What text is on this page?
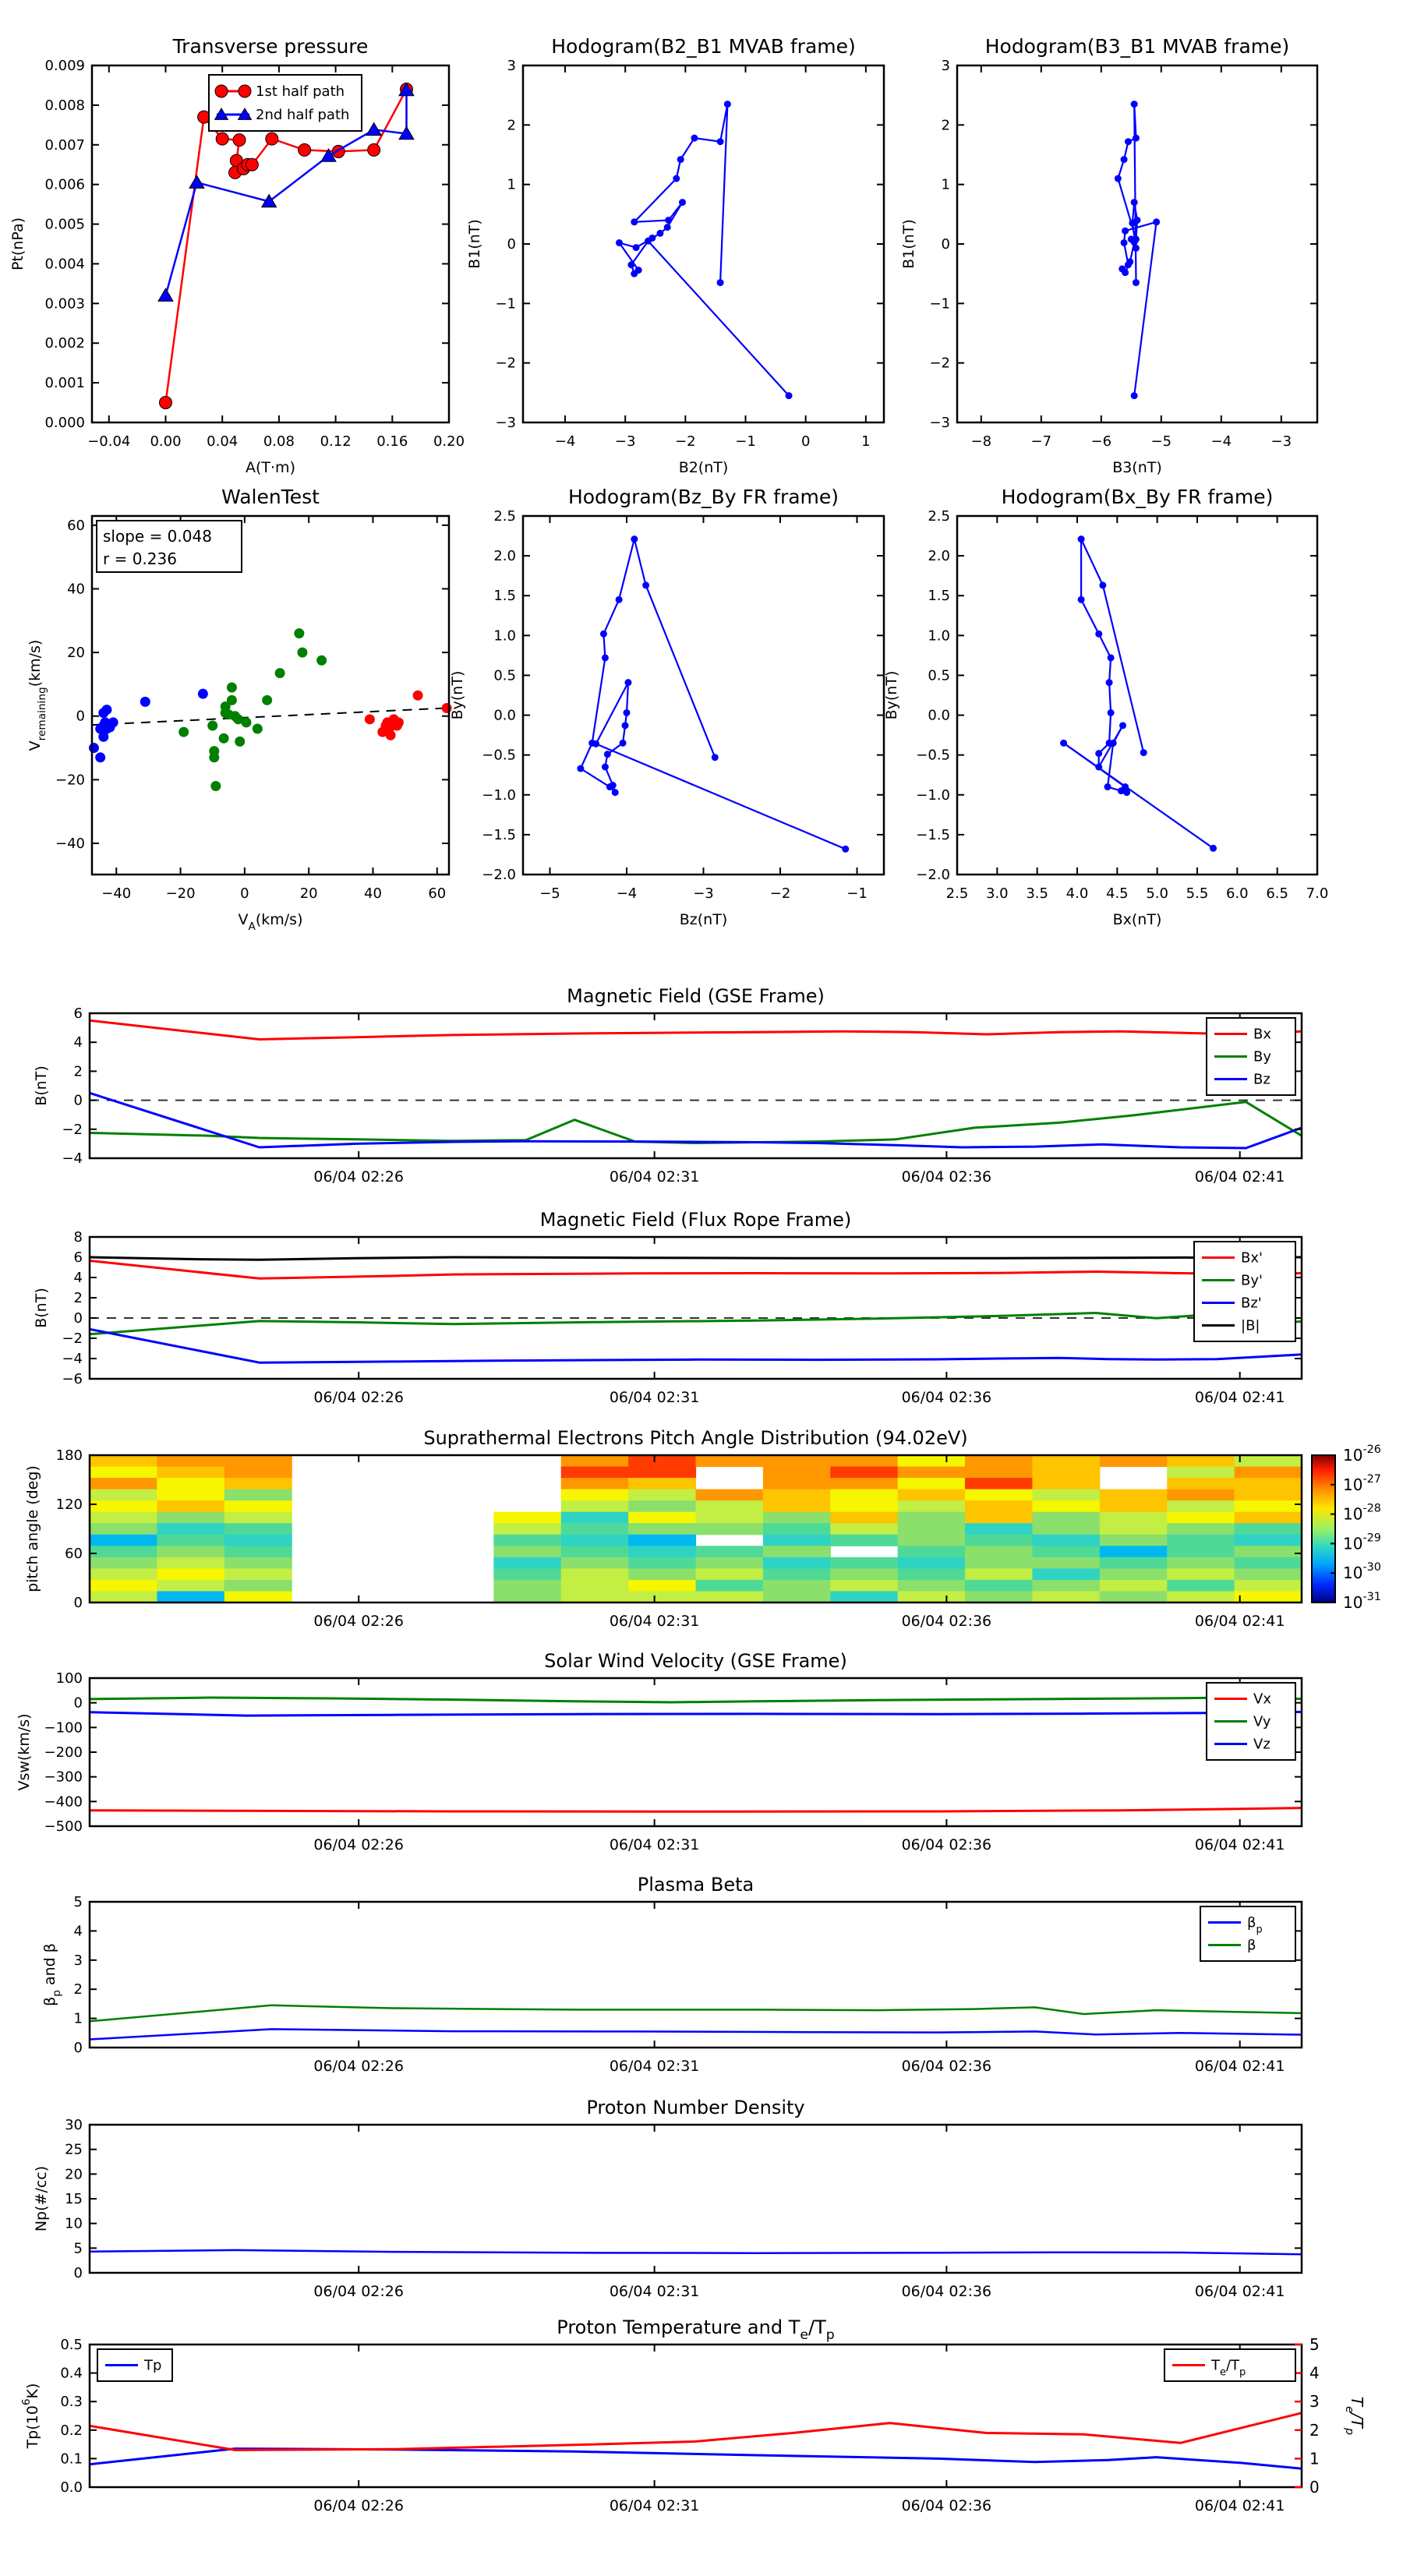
−0.04 0.00 0.04 0.08 0.12 0.16 0.20
0.000
0.001
0.002
0.003
0.004
0.005
0.006
0.007
0.008
0.009
Transverse pressure
A(T·m)
Pt(nPa)
1st half path
2nd half path
−4	−3	−2	−1	0	1
−3
−2
−1
0
1
2
3
Hodogram(B2_B1 MVAB frame)
B2(nT)
B1(nT)
−8	−7	−6	−5	−4	−3
−3
−2
−1
0
1
2
3
Hodogram(B3_B1 MVAB frame)
B3(nT)
B1(nT)
−40 −20	0	20	40	60
−40
−20
0
20
40
60
WalenTest
$V_A(km/s)$
$V_{remaining}(km/s)$
slope = 0.048
r = 0.236
−5	−4	−3	−2	−1
−2.0
−1.5
−1.0
−0.5
0.0
0.5
1.0
1.5
2.0
2.5
Hodogram(Bz_By FR frame)
Bz(nT)
By(nT)
2.5 3.0 3.5 4.0 4.5 5.0 5.5 6.0 6.5 7.0
−2.0
−1.5
−1.0
−0.5
0.0
0.5
1.0
1.5
2.0
2.5
Hodogram(Bx_By FR frame)
Bx(nT)
By(nT)
06/04 02:26	06/04 02:31	06/04 02:36	06/04 02:41
−4
−2
0
2
4
6
Magnetic Field (GSE Frame)
B(nT)
Bx
By
Bz
06/04 02:26	06/04 02:31	06/04 02:36	06/04 02:41
−6
−4
−2
0
2
4
6
8
Magnetic Field (Flux Rope Frame)
B(nT)
Bx'
By'
Bz'
|B|
06/04 02:26	06/04 02:31	06/04 02:36	06/04 02:41
0
60
120
180
Suprathermal Electrons Pitch Angle Distribution (94.02eV)
pitch angle (deg)
$10^{-26}$
$10^{-27}$
$10^{-28}$
$10^{-29}$
$10^{-30}$
$10^{-31}$
06/04 02:26	06/04 02:31	06/04 02:36	06/04 02:41
−500
−400
−300
−200
−100
0
100
Solar Wind Velocity (GSE Frame)
Vsw(km/s)
Vx
Vy
Vz
06/04 02:26	06/04 02:31	06/04 02:36	06/04 02:41
0
1
2
3
4
5
Plasma Beta
$\beta_p$ and β
$\beta_p$
β
06/04 02:26	06/04 02:31	06/04 02:36	06/04 02:41
0
5
10
15
20
25
30
Proton Number Density
Np(#/cc)
06/04 02:26	06/04 02:31	06/04 02:36	06/04 02:41
0.0
0.1
0.2
0.3
0.4
0.5
0
1
2
3
4
5
$T_e/T_p$
Proton Temperature and $T_e/T_p$
$Tp(10^6K)$
Tp	$T_e/T_p$
